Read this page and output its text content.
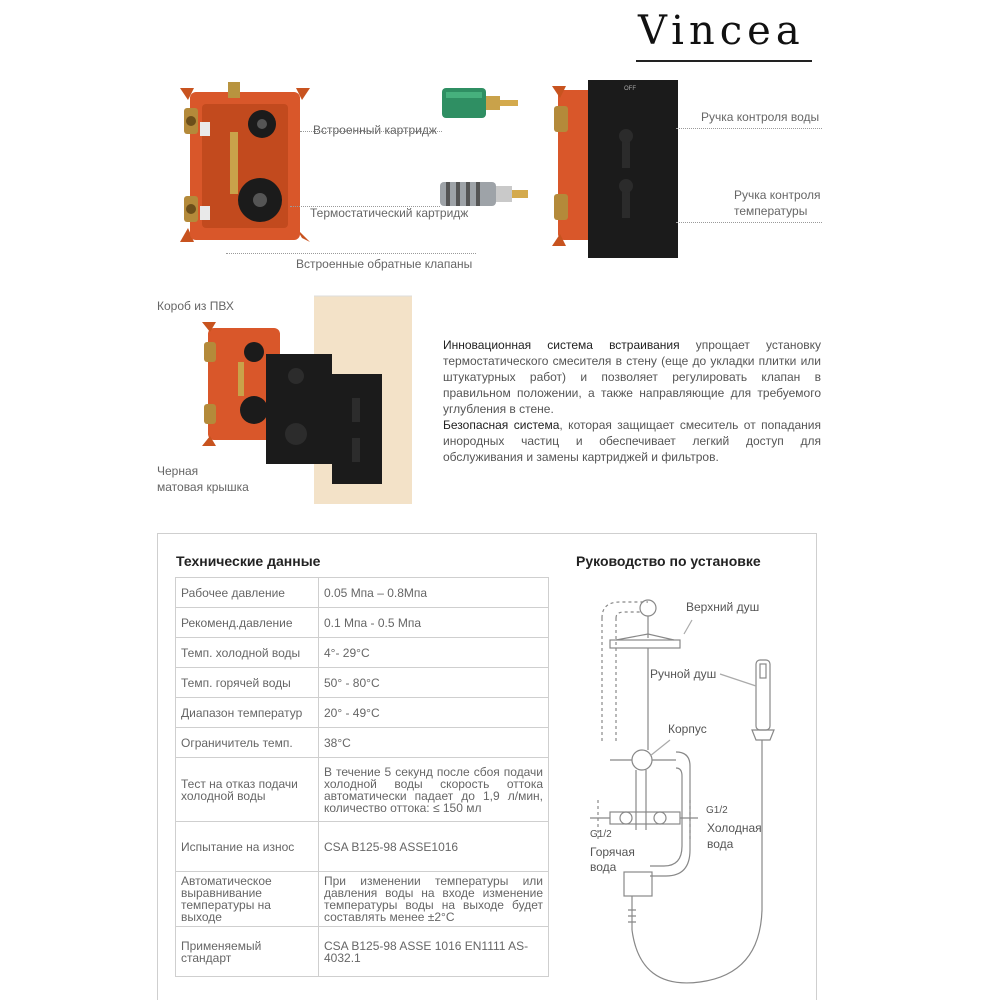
Vincea
Встроенный картридж
Термостатический картридж
Встроенные обратные клапаны
OFF
Ручка контроля воды
Ручка контроля
температуры
Короб из ПВХ
Черная
матовая крышка
Инновационная система встраивания упрощает установку термостатического смесителя в стену (еще до укладки плитки или штукатурных работ) и позволяет регулировать клапан в правильном положении, а также направляющие для требуемого углубления в стене.
Безопасная система, которая защищает смеситель от попадания инородных частиц и обеспечивает легкий доступ для обслуживания и замены картриджей и фильтров.
Технические данные
Рабочее давление	0.05 Мпа – 0.8Мпа
Рекоменд.давление	0.1 Мпа - 0.5 Мпа
Темп. холодной воды	4°- 29°C
Темп. горячей воды	50° - 80°C
Диапазон температур	20° - 49°C
Ограничитель темп.	38°C
Тест на отказ подачи холодной воды	В течение 5 секунд после сбоя подачи холодной воды скорость оттока автоматически падает до 1,9 л/мин, количество оттока: ≤ 150 мл
Испытание на износ	CSA B125-98 ASSE1016
Автоматическое выравнивание температуры на выходе	При изменении температуры или давления воды на входе изменение температуры воды на выходе будет составлять менее ±2°C
Применяемый стандарт	CSA B125-98 ASSE 1016 EN1111 AS-4032.1
Руководство по установке
Верхний душ
Ручной душ
Корпус
G1/2
Холодная
вода
G1/2
Горячая
вода
